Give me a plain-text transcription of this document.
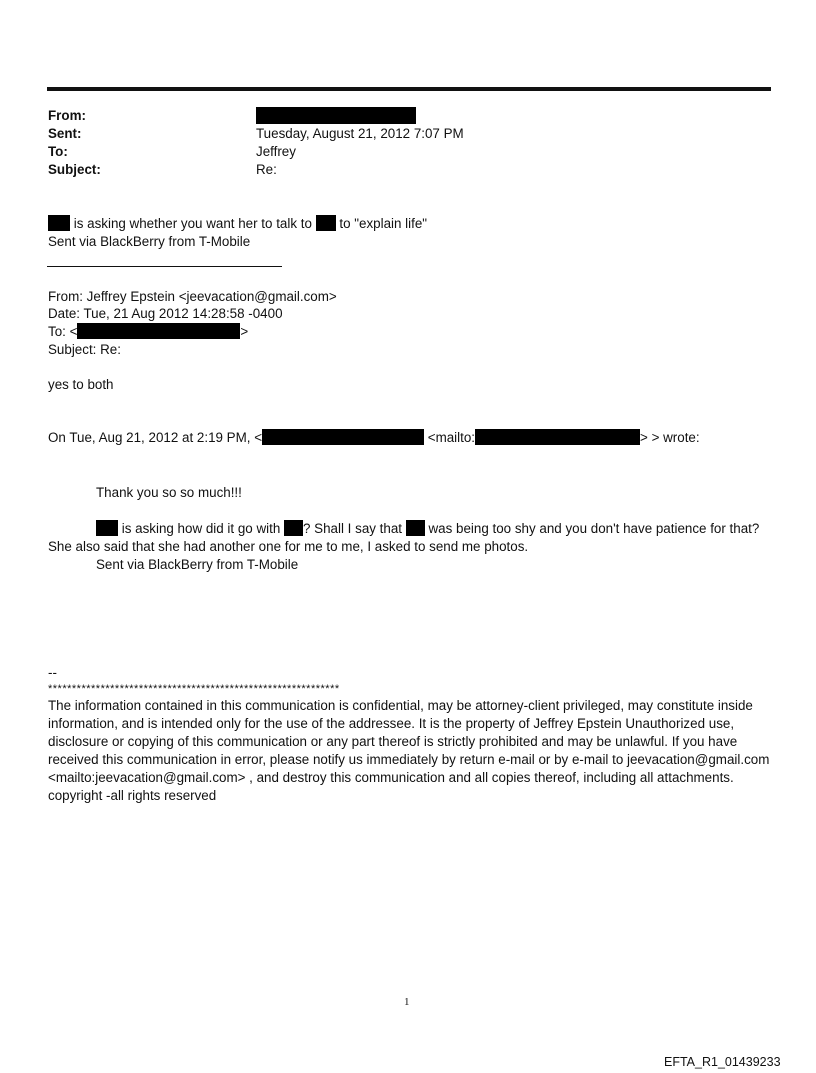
From:
Sent:	Tuesday, August 21, 2012 7:07 PM
To:	Jeffrey
Subject:	Re:
is asking whether you want her to talk to to "explain life"
Sent via BlackBerry from T-Mobile
From: Jeffrey Epstein <jeevacation@gmail.com>
Date: Tue, 21 Aug 2012 14:28:58 -0400
To: <	>
Subject: Re:
yes to both
On Tue, Aug 21, 2012 at 2:19 PM, <	<mailto:	> > wrote:
Thank you so so much!!!
is asking how did it go with ? Shall I say that was being too shy and you don't have patience for that?
She also said that she had another one for me to me, I asked to send me photos.
Sent via BlackBerry from T-Mobile
--
*************************************************************
The information contained in this communication is confidential, may be attorney-client privileged, may constitute inside information, and is intended only for the use of the addressee. It is the property of Jeffrey Epstein Unauthorized use, disclosure or copying of this communication or any part thereof is strictly prohibited and may be unlawful. If you have received this communication in error, please notify us immediately by return e-mail or by e-mail to jeevacation@gmail.com <mailto:jeevacation@gmail.com> , and destroy this communication and all copies thereof, including all attachments. copyright -all rights reserved
1
EFTA_R1_01439233
